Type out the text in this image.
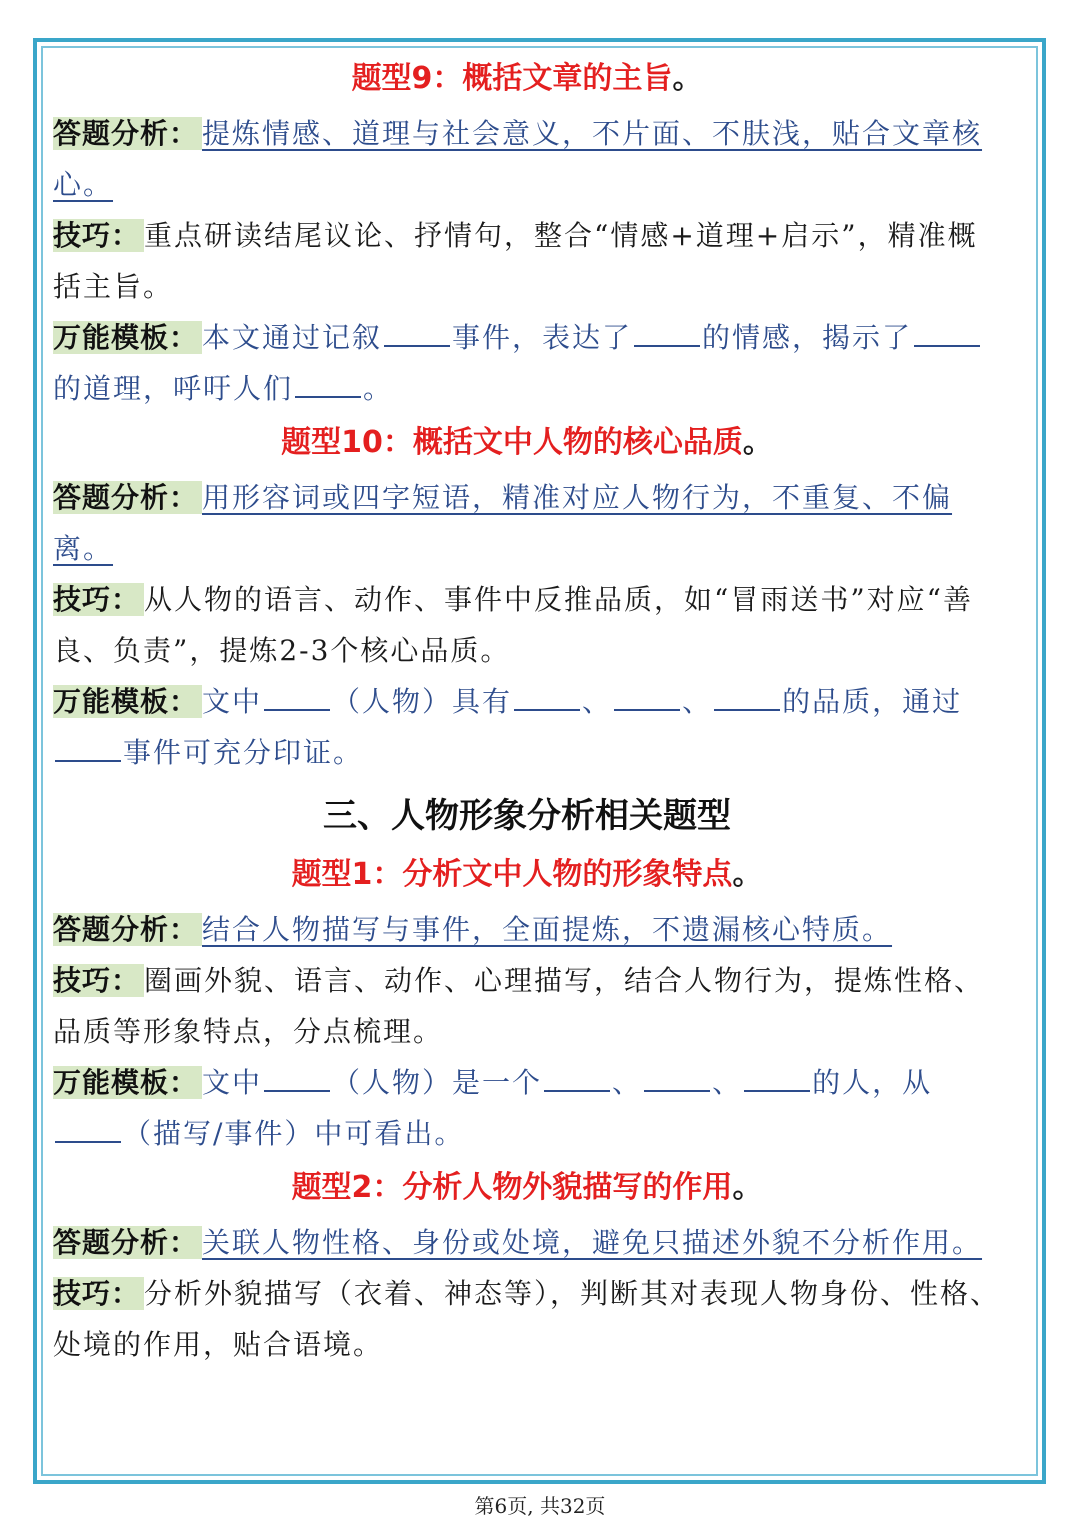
题型9：概括文章的主旨。

答题分析： 提炼情感、道理与社会意义，不片面、不肤浅，贴合文章核心。

技巧： 重点研读结尾议论、抒情句，整合“情感+道理+启示”，精准概括主旨。

万能模板： 本文通过记叙	事件，表达了	的情感，揭示了的道理，呼吁人们	。

题型10：概括文中人物的核心品质。

答题分析： 用形容词或四字短语，精准对应人物行为，不重复、不偏离。

技巧： 从人物的语言、动作、事件中反推品质，如“冒雨送书”对应“善良、负责”，提炼2-3个核心品质。

万能模板： 文中	（人物）具有	、	、	的品质，通过事件可充分印证。

三、人物形象分析相关题型
题型1：分析文中人物的形象特点。

答题分析： 结合人物描写与事件，全面提炼，不遗漏核心特质。

技巧： 圈画外貌、语言、动作、心理描写，结合人物行为，提炼性格、品质等形象特点，分点梳理。

万能模板： 文中	（人物）是一个	、	、	的人，从（描写/事件）中可看出。

题型2：分析人物外貌描写的作用。

答题分析： 关联人物性格、身份或处境，避免只描述外貌不分析作用。

技巧： 分析外貌描写（衣着、神态等），判断其对表现人物身份、性格、处境的作用，贴合语境。

第6页, 共32页
